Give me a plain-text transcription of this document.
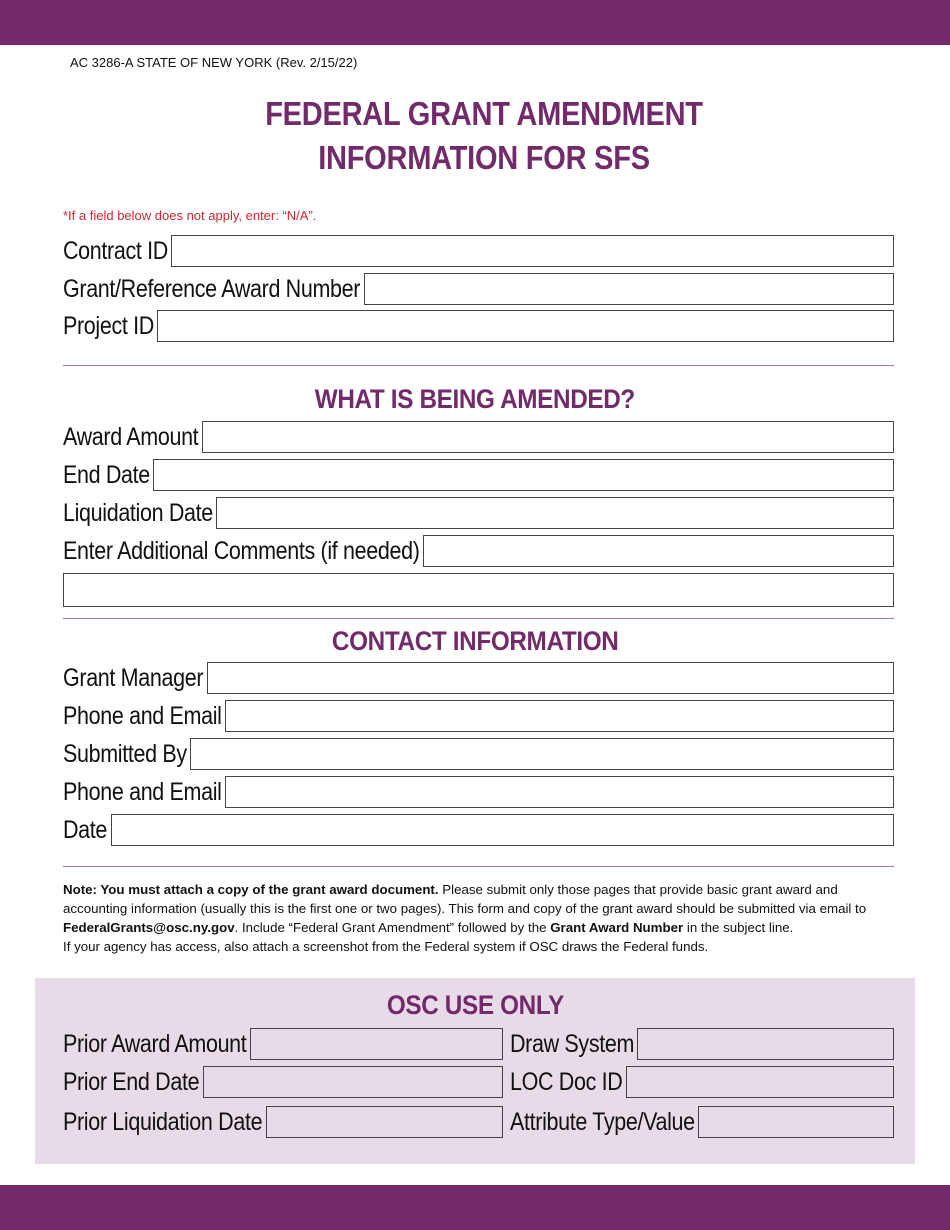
AC 3286-A STATE OF NEW YORK (Rev. 2/15/22)
FEDERAL GRANT AMENDMENT
INFORMATION FOR SFS
*If a field below does not apply, enter: “N/A”.
Contract ID
Grant/Reference Award Number
Project ID
WHAT IS BEING AMENDED?
Award Amount
End Date
Liquidation Date
Enter Additional Comments (if needed)
CONTACT INFORMATION
Grant Manager
Phone and Email
Submitted By
Phone and Email
Date
Note: You must attach a copy of the grant award document. Please submit only those pages that provide basic grant award and accounting information (usually this is the first one or two pages). This form and copy of the grant award should be submitted via email to FederalGrants@osc.ny.gov. Include “Federal Grant Amendment” followed by the Grant Award Number in the subject line.
If your agency has access, also attach a screenshot from the Federal system if OSC draws the Federal funds.
OSC USE ONLY
Prior Award Amount
Prior End Date
Prior Liquidation Date
Draw System
LOC Doc ID
Attribute Type/Value
